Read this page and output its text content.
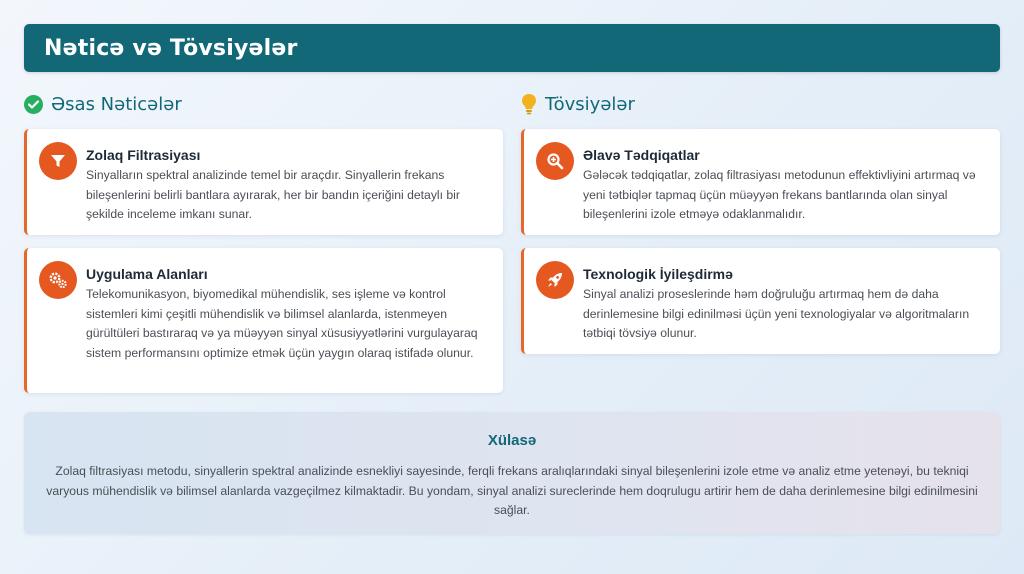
Nəticə və Tövsiyələr
Əsas Nəticələr	Tövsiyələr
Zolaq Filtrasiyası

Sinyalların spektral analizinde temel bir araçdır. Sinyallerin frekans bileşenlerini belirli bantlara ayırarak, her bir bandın içeriğini detaylı bir şekilde inceleme imkanı sunar.

Uygulama Alanları

Telekomunikasyon, biyomedikal mühendislik, ses işleme və kontrol sistemleri kimi çeşitli mühendislik və bilimsel alanlarda, istenmeyen gürültüleri bastıraraq və ya müəyyən sinyal xüsusiyyətlərini vurgulayaraq sistem performansını optimize etmək üçün yaygın olaraq istifadə olunur.

Əlavə Tədqiqatlar

Gələcək tədqiqatlar, zolaq filtrasiyası metodunun effektivliyini artırmaq və yeni tətbiqlər tapmaq üçün müəyyən frekans bantlarında olan sinyal bileşenlerini izole etməyə odaklanmalıdır.

Texnologik İyileşdirmə

Sinyal analizi proseslerinde həm doğruluğu artırmaq hem də daha derinlemesine bilgi edinilməsi üçün yeni texnologiyalar və algoritmaların tətbiqi tövsiyə olunur.

Xülasə

Zolaq filtrasiyası metodu, sinyallerin spektral analizinde esnekliyi sayesinde, ferqli frekans aralıqlarındaki sinyal bileşenlerini izole etme və analiz etme yetenəyi, bu tekniqi varyous mühendislik və bilimsel alanlarda vazgeçilmez kilmaktadir. Bu yondam, sinyal analizi sureclerinde hem doqrulugu artirir hem de daha derinlemesine bilgi edinilmesini sağlar.
